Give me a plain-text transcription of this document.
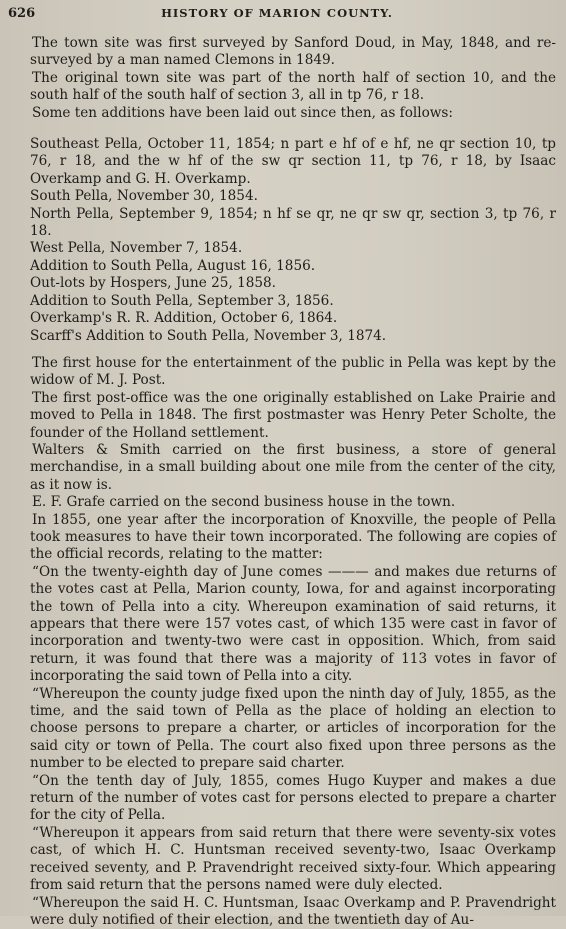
626	HISTORY OF MARION COUNTY.

The town site was first surveyed by Sanford Doud, in May, 1848, and re-surveyed by a man named Clemons in 1849.

The original town site was part of the north half of section 10, and the south half of the south half of section 3, all in tp 76, r 18.

Some ten additions have been laid out since then, as follows:

Southeast Pella, October 11, 1854; n part e hf of e hf, ne qr section 10, tp 76, r 18, and the w hf of the sw qr section 11, tp 76, r 18, by Isaac Overkamp and G. H. Overkamp.
South Pella, November 30, 1854.
North Pella, September 9, 1854; n hf se qr, ne qr sw qr, section 3, tp 76, r 18.
West Pella, November 7, 1854.
Addition to South Pella, August 16, 1856.
Out-lots by Hospers, June 25, 1858.
Addition to South Pella, September 3, 1856.
Overkamp's R. R. Addition, October 6, 1864.
Scarff's Addition to South Pella, November 3, 1874.

The first house for the entertainment of the public in Pella was kept by the widow of M. J. Post.

The first post-office was the one originally established on Lake Prairie and moved to Pella in 1848. The first postmaster was Henry Peter Scholte, the founder of the Holland settlement.

Walters & Smith carried on the first business, a store of general merchandise, in a small building about one mile from the center of the city, as it now is.

E. F. Grafe carried on the second business house in the town.

In 1855, one year after the incorporation of Knoxville, the people of Pella took measures to have their town incorporated. The following are copies of the official records, relating to the matter:

“On the twenty-eighth day of June comes ——— and makes due returns of the votes cast at Pella, Marion county, Iowa, for and against incorporating the town of Pella into a city. Whereupon examination of said returns, it appears that there were 157 votes cast, of which 135 were cast in favor of incorporation and twenty-two were cast in opposition. Which, from said return, it was found that there was a majority of 113 votes in favor of incorporating the said town of Pella into a city.

“Whereupon the county judge fixed upon the ninth day of July, 1855, as the time, and the said town of Pella as the place of holding an election to choose persons to prepare a charter, or articles of incorporation for the said city or town of Pella. The court also fixed upon three persons as the number to be elected to prepare said charter.

“On the tenth day of July, 1855, comes Hugo Kuyper and makes a due return of the number of votes cast for persons elected to prepare a charter for the city of Pella.

“Whereupon it appears from said return that there were seventy-six votes cast, of which H. C. Huntsman received seventy-two, Isaac Overkamp received seventy, and P. Pravendright received sixty-four. Which appearing from said return that the persons named were duly elected.

“Whereupon the said H. C. Huntsman, Isaac Overkamp and P. Pravendright were duly notified of their election, and the twentieth day of Au-
